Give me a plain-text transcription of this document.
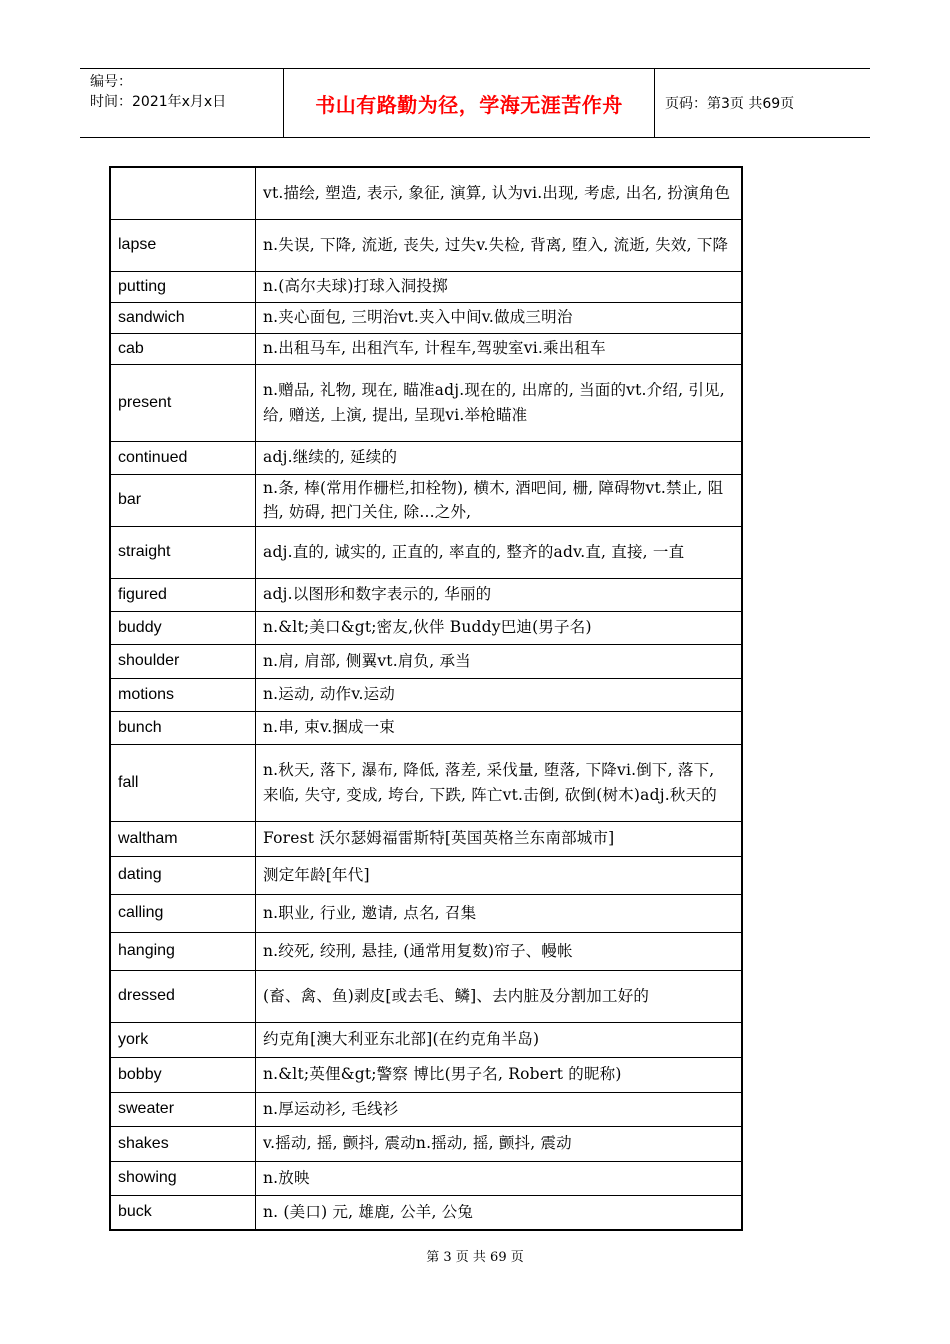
编号：
时间：2021年x月x日	书山有路勤为径，学海无涯苦作舟	页码：第3页 共69页
	vt.描绘, 塑造, 表示, 象征, 演算, 认为vi.出现, 考虑, 出名, 扮演角色
lapse	n.失误, 下降, 流逝, 丧失, 过失v.失检, 背离, 堕入, 流逝, 失效, 下降
putting	n.(高尔夫球)打球入洞投掷
sandwich	n.夹心面包, 三明治vt.夹入中间v.做成三明治
cab	n.出租马车, 出租汽车, 计程车,驾驶室vi.乘出租车
present	n.赠品, 礼物, 现在, 瞄准adj.现在的, 出席的, 当面的vt.介绍, 引见, 给, 赠送, 上演, 提出, 呈现vi.举枪瞄准
continued	adj.继续的, 延续的
bar	n.条, 棒(常用作栅栏,扣栓物), 横木, 酒吧间, 栅, 障碍物vt.禁止, 阻挡, 妨碍, 把门关住, 除...之外,
straight	adj.直的, 诚实的, 正直的, 率直的, 整齐的adv.直, 直接, 一直
figured	adj.以图形和数字表示的, 华丽的
buddy	n.&lt;美口&gt;密友,伙伴 Buddy巴迪(男子名)
shoulder	n.肩, 肩部, 侧翼vt.肩负, 承当
motions	n.运动, 动作v.运动
bunch	n.串, 束v.捆成一束
fall	n.秋天, 落下, 瀑布, 降低, 落差, 采伐量, 堕落, 下降vi.倒下, 落下, 来临, 失守, 变成, 垮台, 下跌, 阵亡vt.击倒, 砍倒(树木)adj.秋天的
waltham	Forest 沃尔瑟姆福雷斯特[英国英格兰东南部城市]
dating	测定年龄[年代]
calling	n.职业, 行业, 邀请, 点名, 召集
hanging	n.绞死, 绞刑, 悬挂, (通常用复数)帘子、幔帐
dressed	(畜、禽、鱼)剥皮[或去毛、鳞]、去内脏及分割加工好的
york	约克角[澳大利亚东北部](在约克角半岛)
bobby	n.&lt;英俚&gt;警察 博比(男子名, Robert 的昵称)
sweater	n.厚运动衫, 毛线衫
shakes	v.摇动, 摇, 颤抖, 震动n.摇动, 摇, 颤抖, 震动
showing	n.放映
buck	n. (美口) 元, 雄鹿, 公羊, 公兔
第 3 页 共 69 页
